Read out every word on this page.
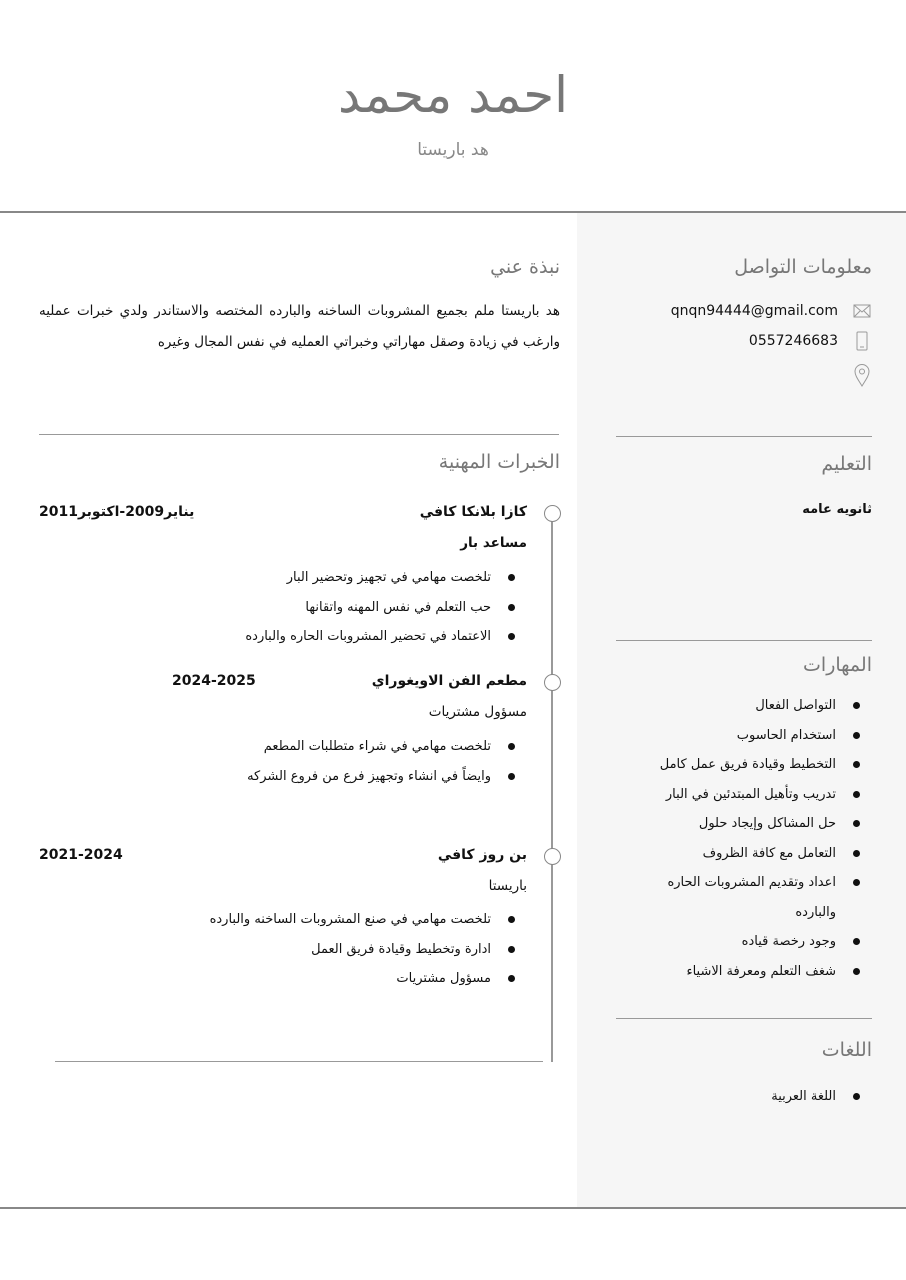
احمد محمد
هد باريستا
معلومات التواصل
qnqn94444@gmail.com
0557246683
التعليم
ثانويه عامه
المهارات
التواصل الفعال
استخدام الحاسوب
التخطيط وقيادة فريق عمل كامل
تدريب وتأهيل المبتدئين في البار
حل المشاكل وإيجاد حلول
التعامل مع كافة الظروف
اعداد وتقديم المشروبات الحاره والبارده
وجود رخصة قياده
شغف التعلم ومعرفة الاشياء
اللغات
اللغة العربية
نبذة عني
هد باريستا ملم بجميع المشروبات الساخنه والبارده المختصه والاستاندر ولدي خبرات عمليه وارغب في زيادة وصقل مهاراتي وخبراتي العمليه في نفس المجال وغيره
الخبرات المهنية
كازا بلانكا كافي
يناير2009-اكتوبر2011
مساعد بار
تلخصت مهامي في تجهيز وتحضير البار
حب التعلم في نفس المهنه واتقانها
الاعتماد في تحضير المشروبات الحاره والبارده
مطعم الفن الاويغوراي
2024-2025
مسؤول مشتريات
تلخصت مهامي في شراء متطلبات المطعم
وايضاً في انشاء وتجهيز فرع من فروع الشركه
بن روز كافي
2021-2024
باريستا
تلخصت مهامي في صنع المشروبات الساخنه والبارده
ادارة وتخطيط وقيادة فريق العمل
مسؤول مشتريات
